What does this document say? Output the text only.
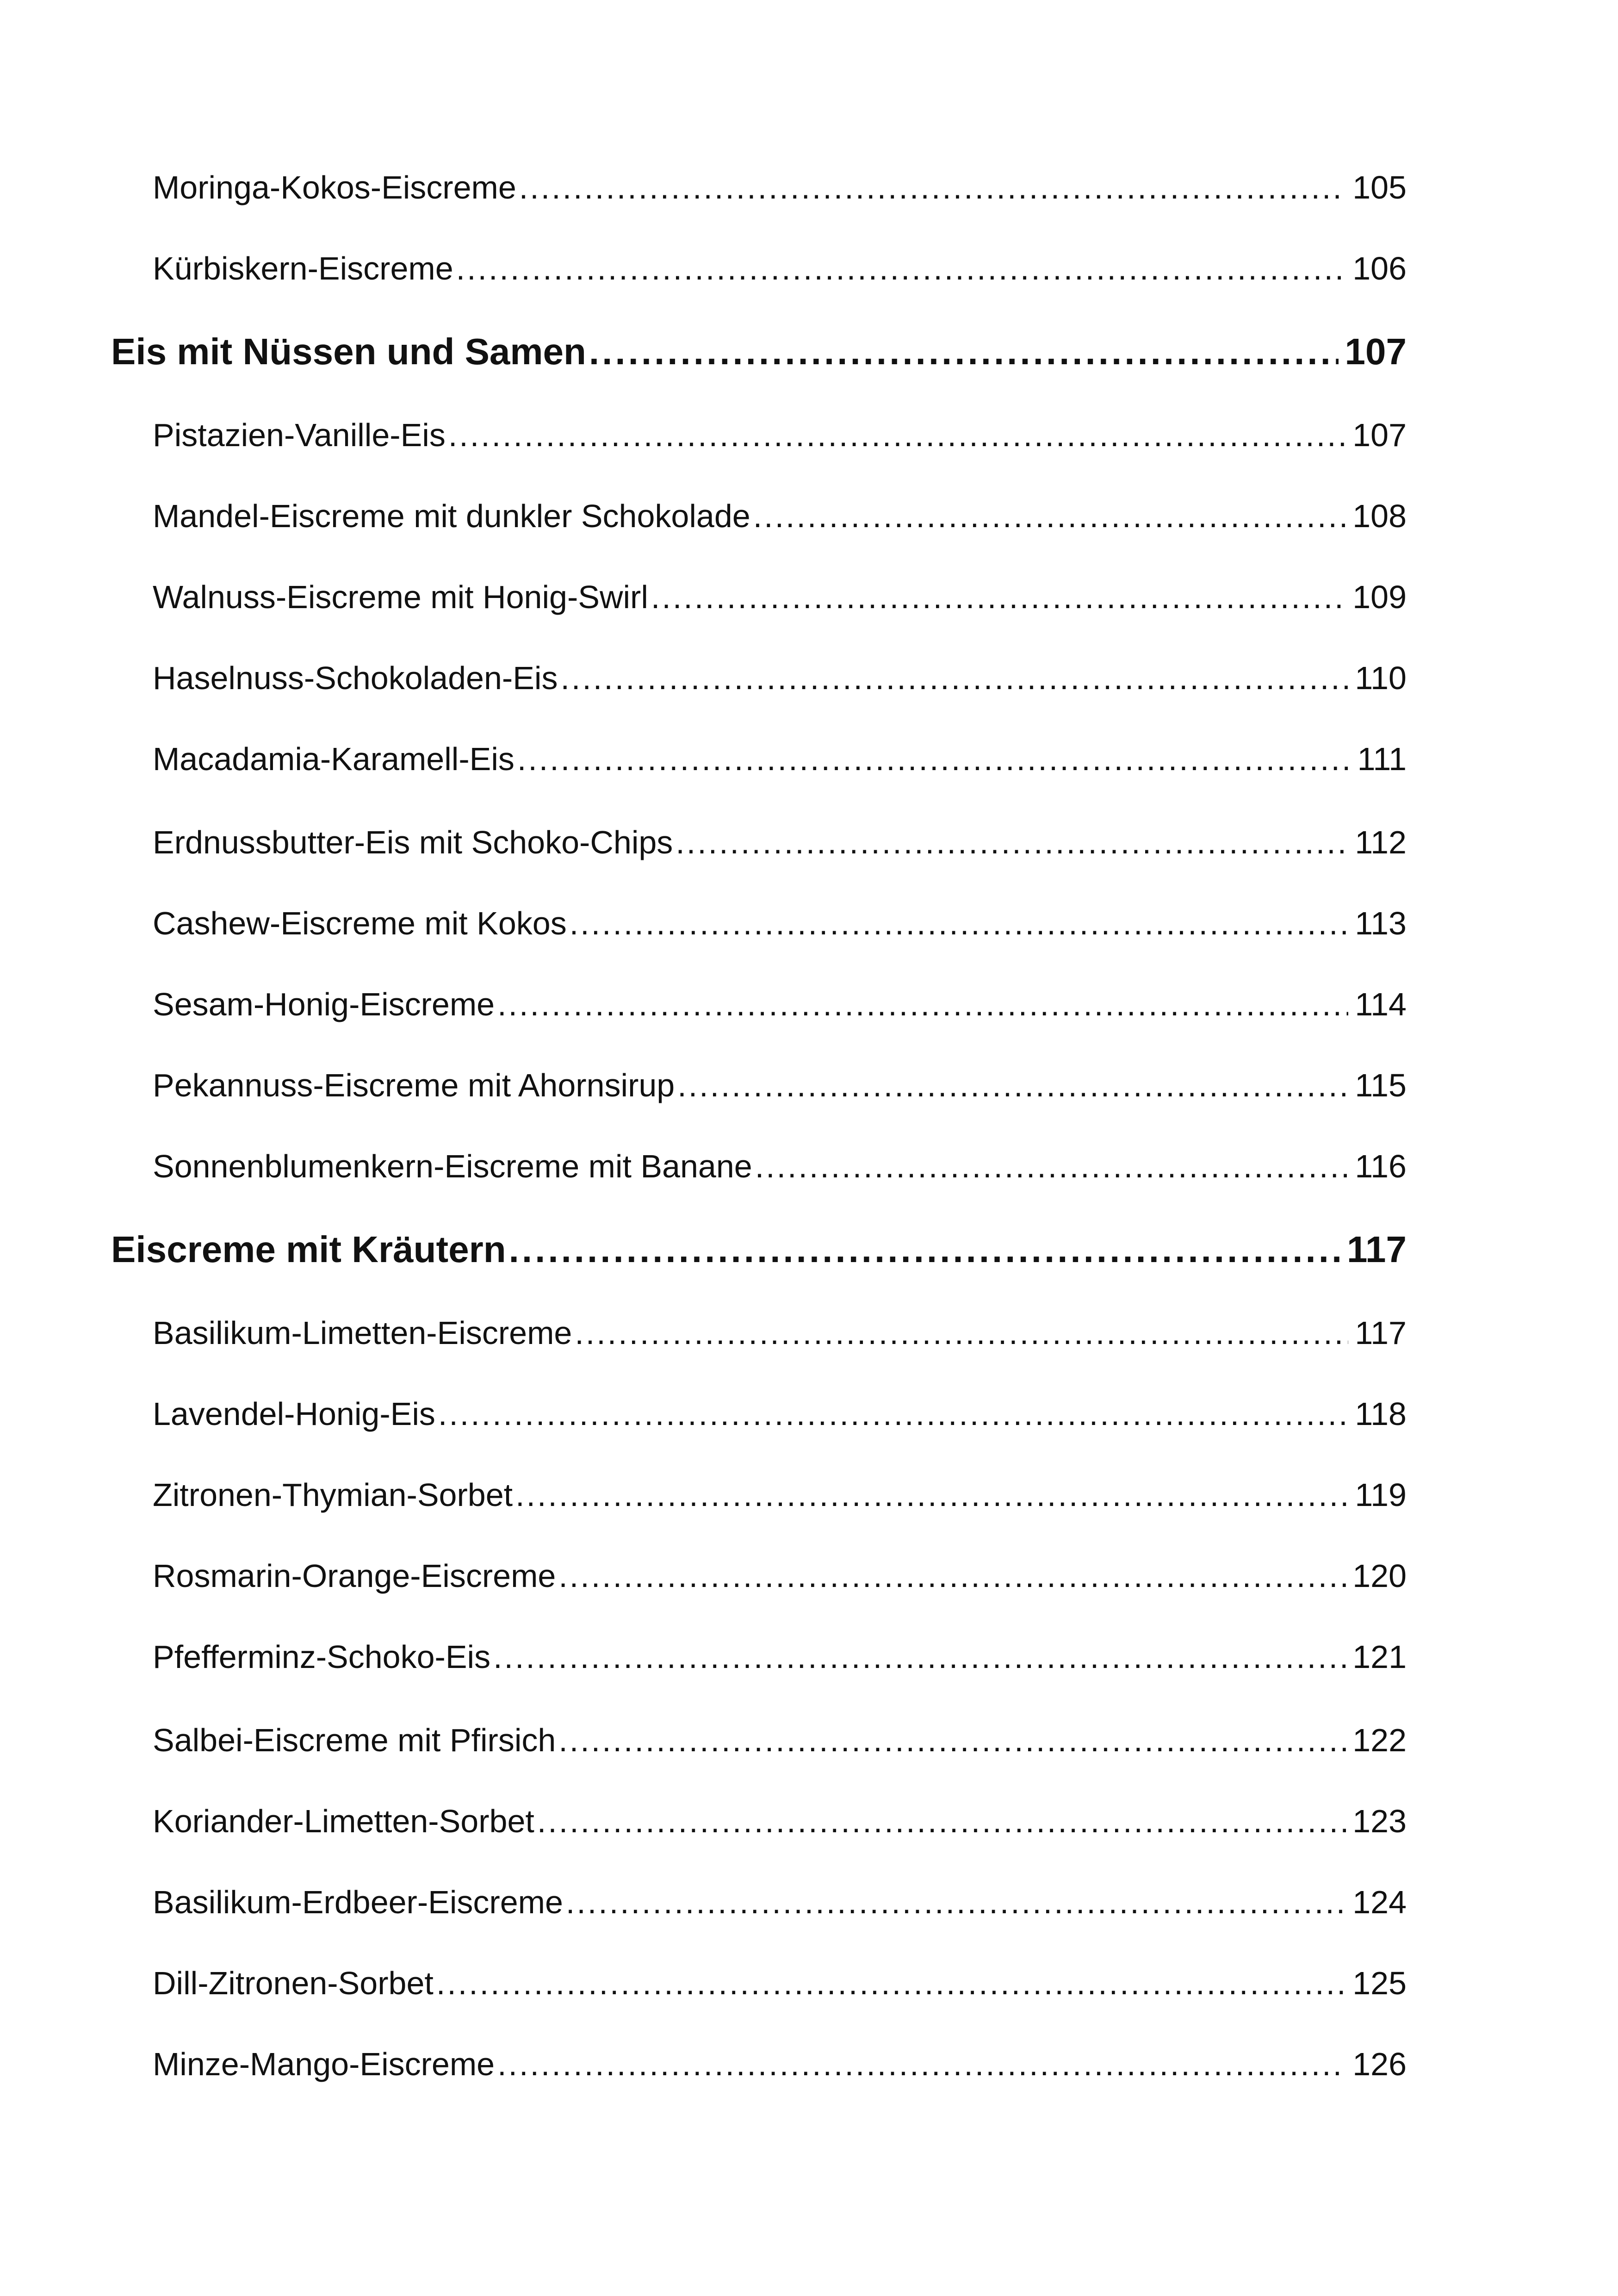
Moringa-Kokos-Eiscreme .....	105
Kürbiskern-Eiscreme .....	106
Eis mit Nüssen und Samen .....	107
Pistazien-Vanille-Eis .....	107
Mandel-Eiscreme mit dunkler Schokolade .....	108
Walnuss-Eiscreme mit Honig-Swirl .....	109
Haselnuss-Schokoladen-Eis .....	110
Macadamia-Karamell-Eis .....	111
Erdnussbutter-Eis mit Schoko-Chips .....	112
Cashew-Eiscreme mit Kokos .....	113
Sesam-Honig-Eiscreme .....	114
Pekannuss-Eiscreme mit Ahornsirup .....	115
Sonnenblumenkern-Eiscreme mit Banane .....	116
Eiscreme mit Kräutern .....	117
Basilikum-Limetten-Eiscreme .....	117
Lavendel-Honig-Eis .....	118
Zitronen-Thymian-Sorbet .....	119
Rosmarin-Orange-Eiscreme .....	120
Pfefferminz-Schoko-Eis .....	121
Salbei-Eiscreme mit Pfirsich .....	122
Koriander-Limetten-Sorbet .....	123
Basilikum-Erdbeer-Eiscreme .....	124
Dill-Zitronen-Sorbet .....	125
Minze-Mango-Eiscreme .....	126
